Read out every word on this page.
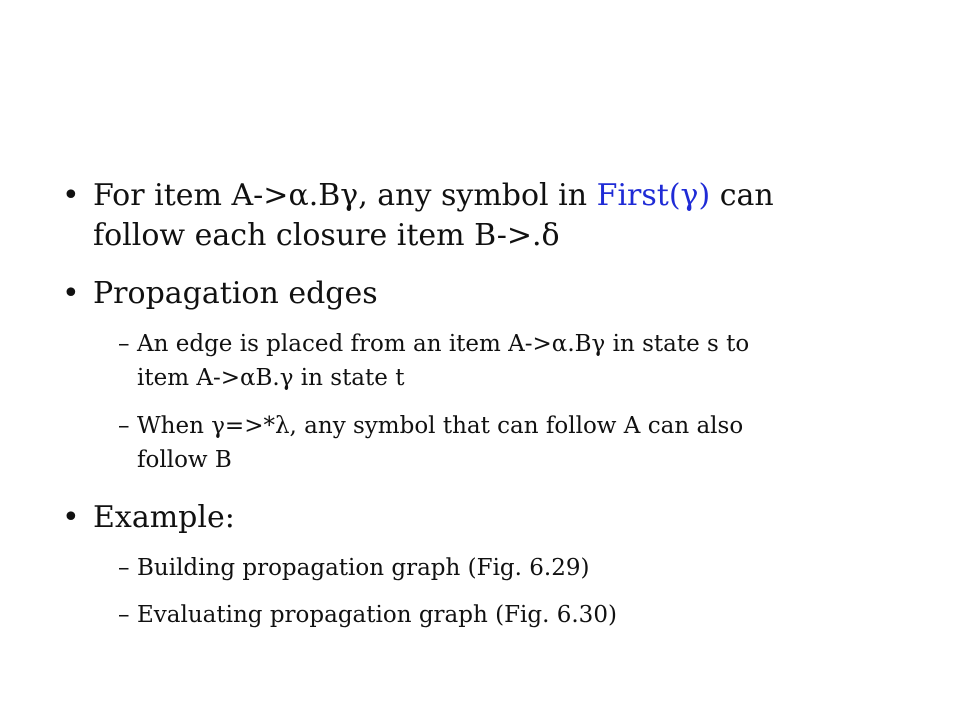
• For item A->α.Bγ, any symbol in First(γ) can
follow each closure item B->.δ
• Propagation edges
– An edge is placed from an item A->α.Bγ in state s to
item A->αB.γ in state t
– When γ=>*λ, any symbol that can follow A can also
follow B
• Example:
– Building propagation graph (Fig. 6.29)
– Evaluating propagation graph (Fig. 6.30)
